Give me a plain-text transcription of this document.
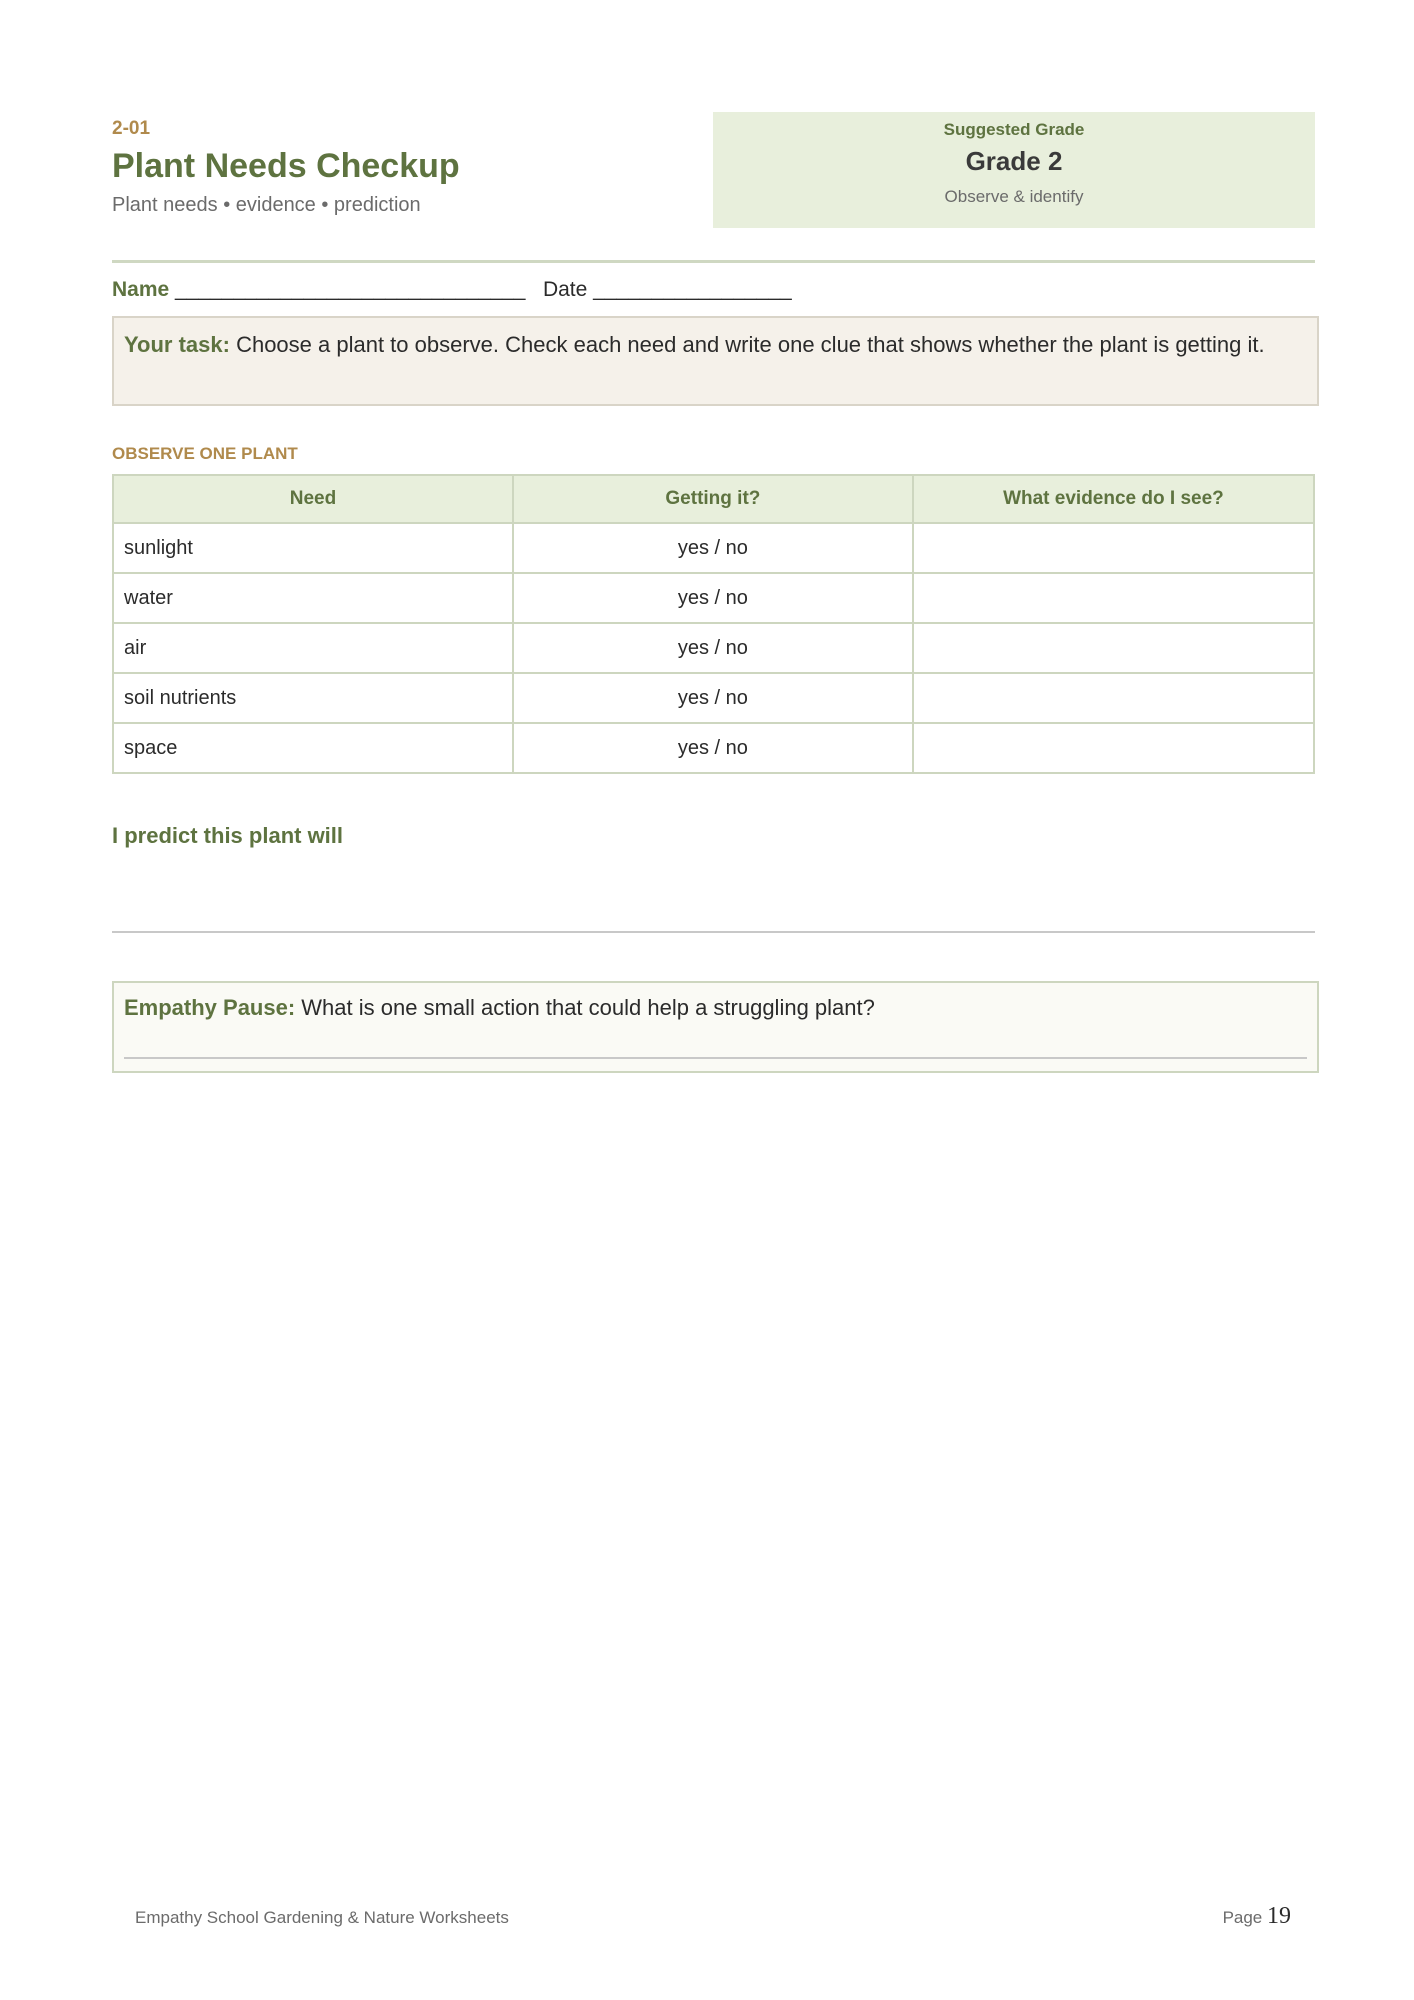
2-01
Plant Needs Checkup
Plant needs • evidence • prediction
Suggested Grade
Grade 2
Observe & identify
Name ______________________________ Date _________________
Your task: Choose a plant to observe. Check each need and write one clue that shows whether the plant is getting it.
OBSERVE ONE PLANT
Need	Getting it?	What evidence do I see?
sunlight	yes / no	
water	yes / no	
air	yes / no	
soil nutrients	yes / no	
space	yes / no	
I predict this plant will
Empathy Pause: What is one small action that could help a struggling plant?
Empathy School Gardening & Nature Worksheets	Page 19
